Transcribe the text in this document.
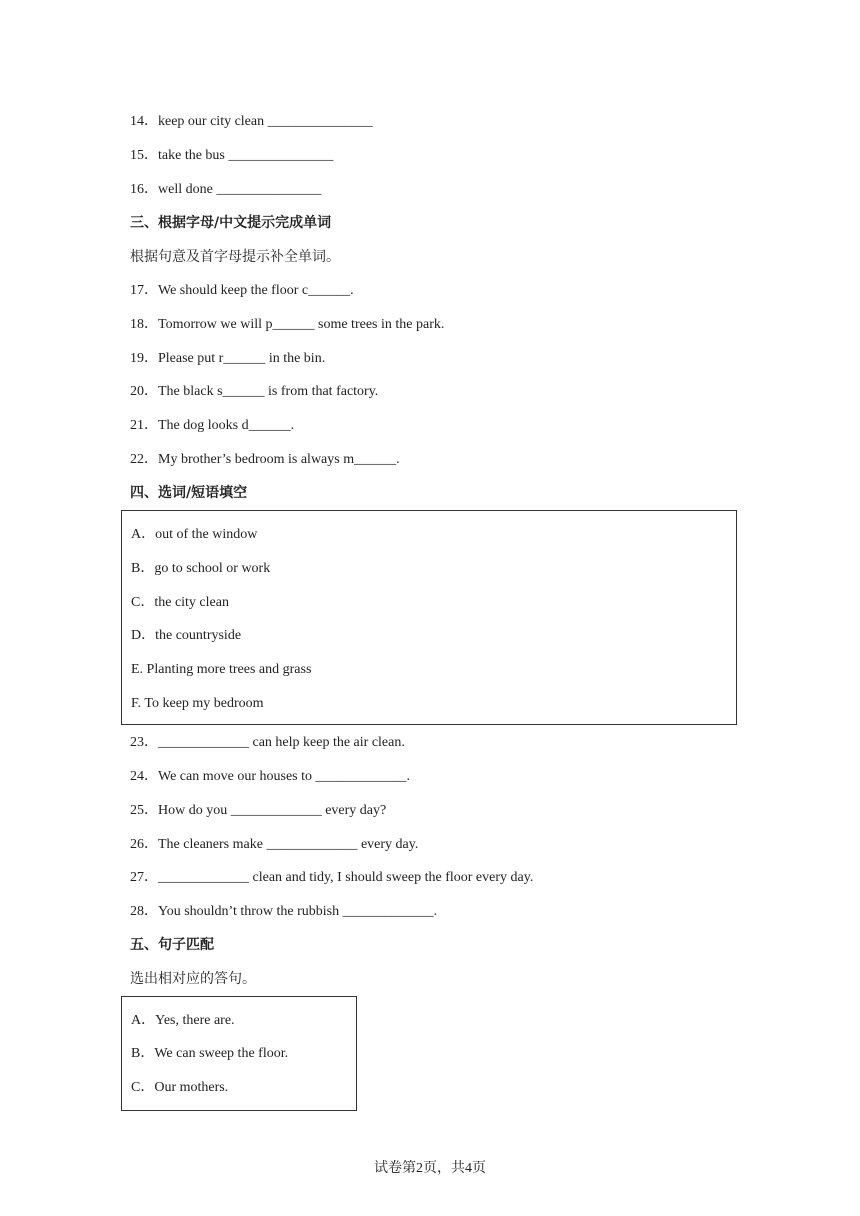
14．keep our city clean _______________
15．take the bus _______________
16．well done _______________
三、根据字母/中文提示完成单词
根据句意及首字母提示补全单词。
17．We should keep the floor c______.
18．Tomorrow we will p______ some trees in the park.
19．Please put r______ in the bin.
20．The black s______ is from that factory.
21．The dog looks d______.
22．My brother’s bedroom is always m______.
四、选词/短语填空
A．out of the window
B．go to school or work
C．the city clean
D．the countryside
E. Planting more trees and grass
F. To keep my bedroom
23．_____________ can help keep the air clean.
24．We can move our houses to _____________.
25．How do you _____________ every day?
26．The cleaners make _____________ every day.
27．_____________ clean and tidy, I should sweep the floor every day.
28．You shouldn’t throw the rubbish _____________.
五、句子匹配
选出相对应的答句。
A．Yes, there are.
B．We can sweep the floor.
C．Our mothers.
试卷第2页，共4页
